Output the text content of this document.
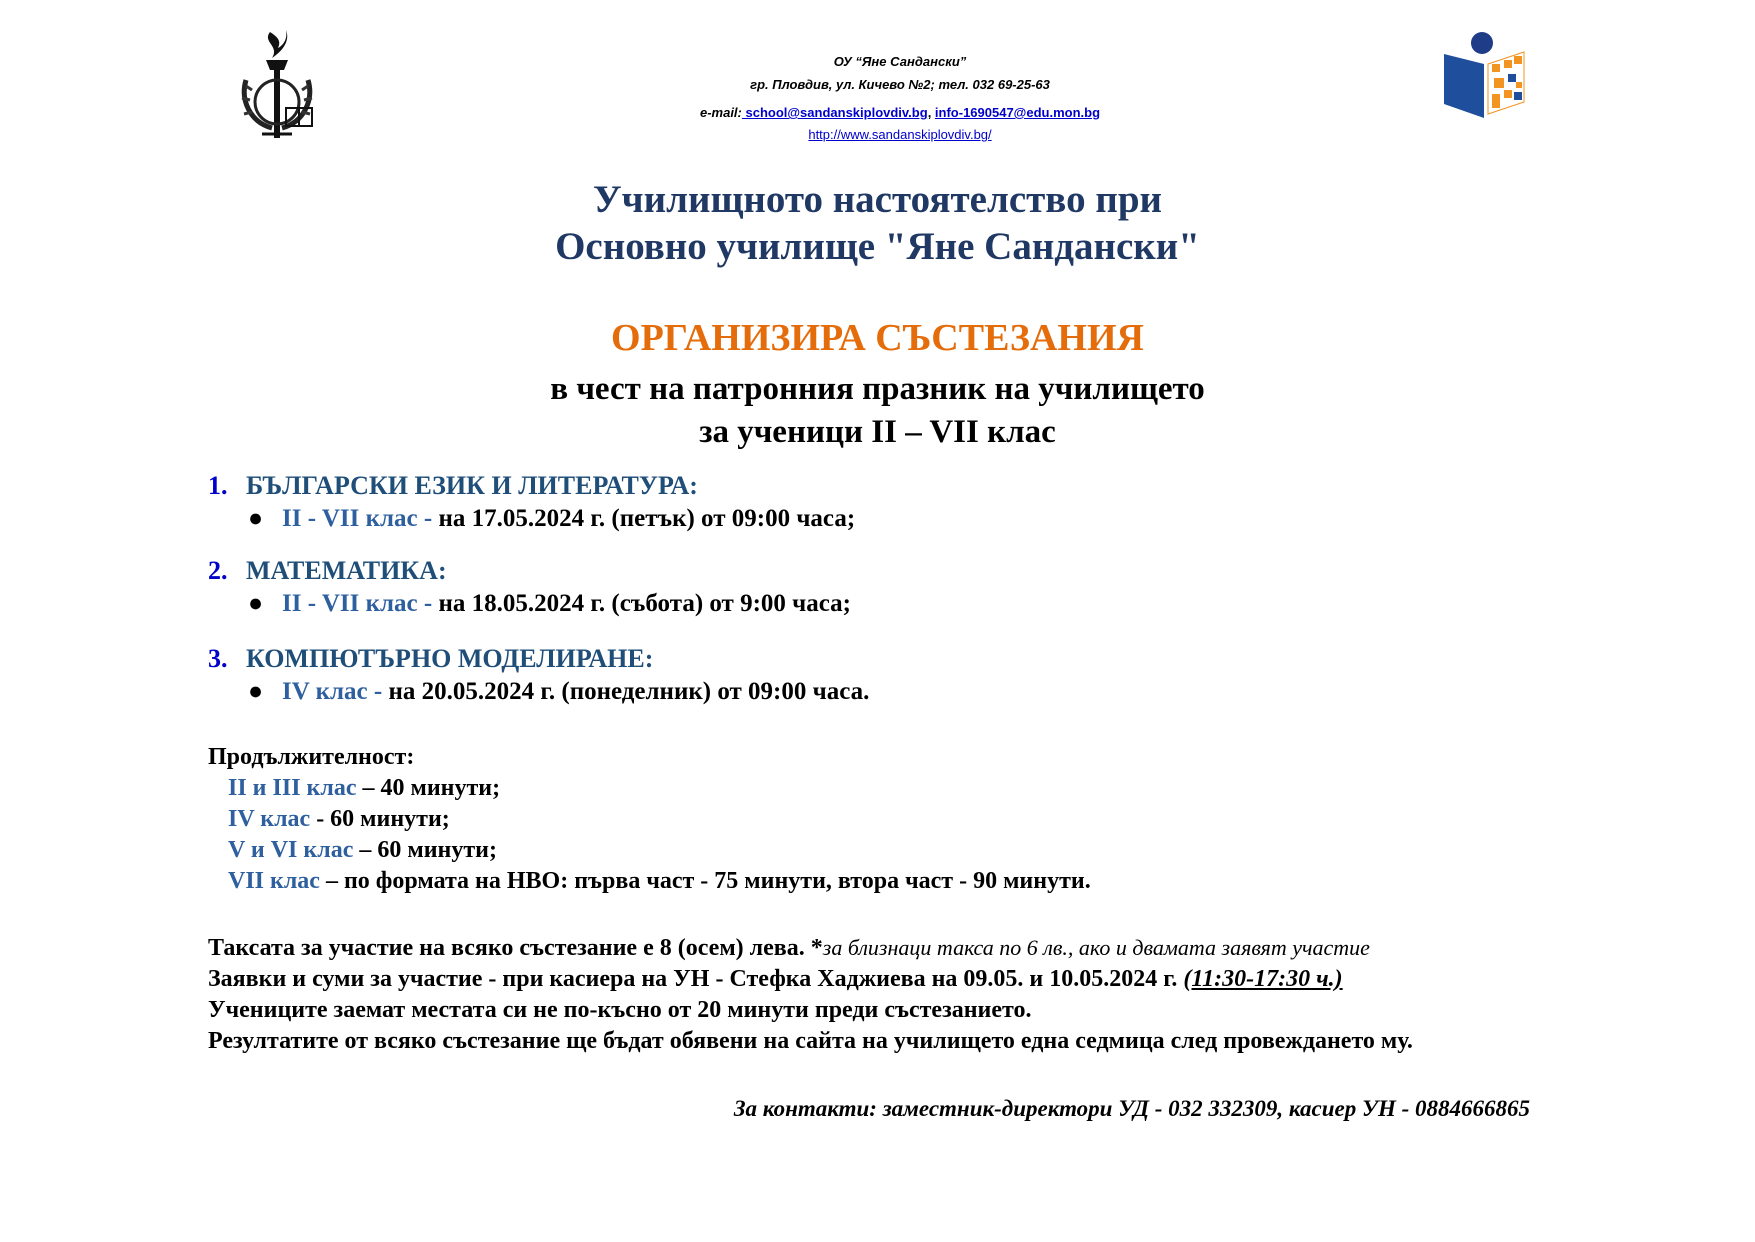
ОУ “Яне Сандански”
гр. Пловдив, ул. Кичево №2; тел. 032 69-25-63
e-mail: school@sandanskiplovdiv.bg, info-1690547@edu.mon.bg
http://www.sandanskiplovdiv.bg/
Училищното настоятелство при
Основно училище "Яне Сандански"
ОРГАНИЗИРА СЪСТЕЗАНИЯ
в чест на патронния празник на училището
за ученици II – VII клас
1. БЪЛГАРСКИ ЕЗИК И ЛИТЕРАТУРА:
● II - VII клас - на 17.05.2024 г. (петък) от 09:00 часа;
2. МАТЕМАТИКА:
● II - VII клас - на 18.05.2024 г. (събота) от 9:00 часа;
3. КОМПЮТЪРНО МОДЕЛИРАНЕ:
● IV клас - на 20.05.2024 г. (понеделник) от 09:00 часа.
Продължителност:
II и III клас – 40 минути;
IV клас - 60 минути;
V и VI клас – 60 минути;
VII клас – по формата на НВО: първа част - 75 минути, втора част - 90 минути.
Таксата за участие на всяко състезание е 8 (осем) лева. *за близнаци такса по 6 лв., ако и двамата заявят участие
Заявки и суми за участие - при касиера на УН - Стефка Хаджиева на 09.05. и 10.05.2024 г. (11:30-17:30 ч.)
Учениците заемат местата си не по-късно от 20 минути преди състезанието.
Резултатите от всяко състезание ще бъдат обявени на сайта на училището една седмица след провеждането му.
За контакти: заместник-директори УД - 032 332309, касиер УН - 0884666865
